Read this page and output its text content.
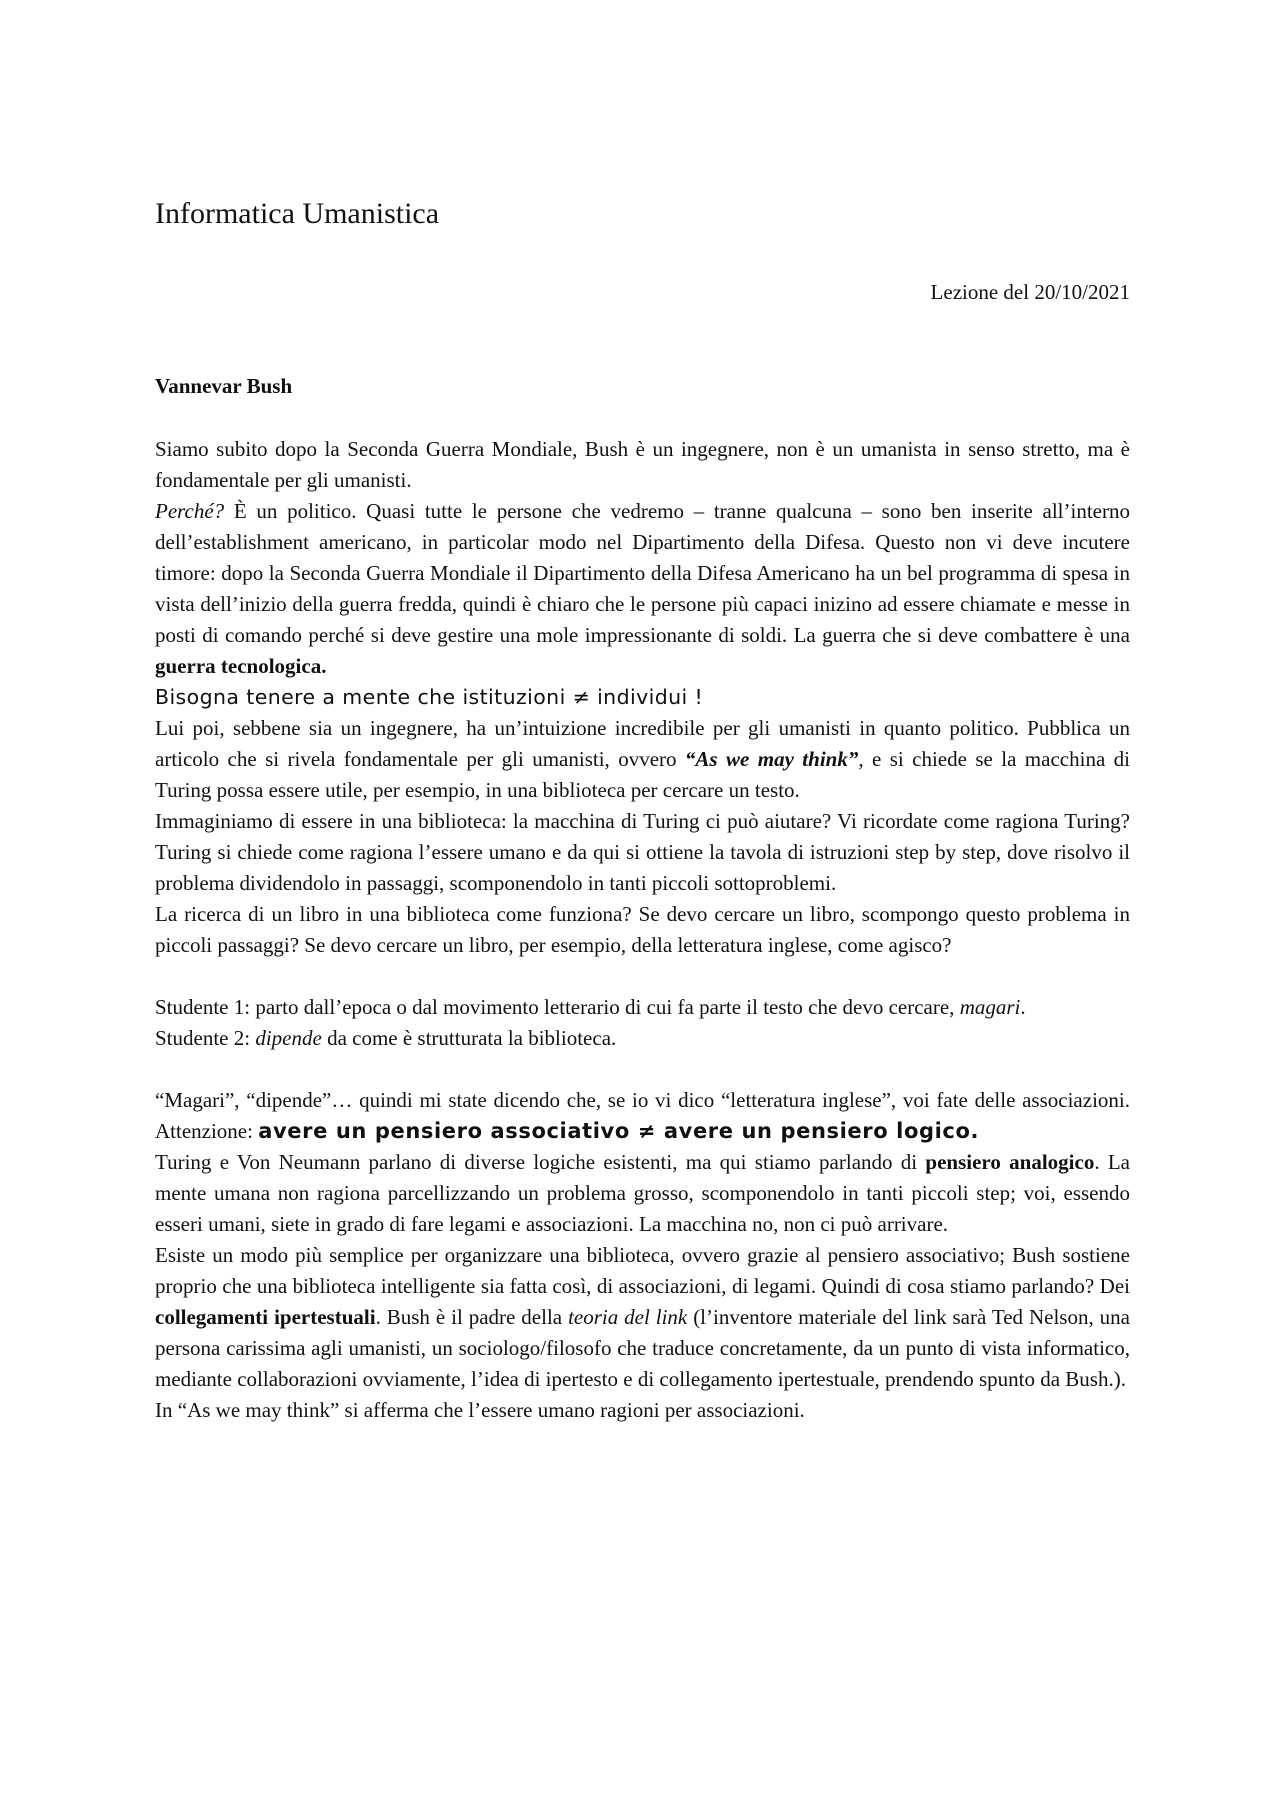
Informatica Umanistica
Lezione del 20/10/2021
Vannevar Bush

Siamo subito dopo la Seconda Guerra Mondiale, Bush è un ingegnere, non è un umanista in senso stretto, ma è fondamentale per gli umanisti.

Perché? È un politico. Quasi tutte le persone che vedremo – tranne qualcuna – sono ben inserite all’interno dell’establishment americano, in particolar modo nel Dipartimento della Difesa. Questo non vi deve incutere timore: dopo la Seconda Guerra Mondiale il Dipartimento della Difesa Americano ha un bel programma di spesa in vista dell’inizio della guerra fredda, quindi è chiaro che le persone più capaci inizino ad essere chiamate e messe in posti di comando perché si deve gestire una mole impressionante di soldi. La guerra che si deve combattere è una guerra tecnologica.

Bisogna tenere a mente che istituzioni ≠ individui !

Lui poi, sebbene sia un ingegnere, ha un’intuizione incredibile per gli umanisti in quanto politico. Pubblica un articolo che si rivela fondamentale per gli umanisti, ovvero “As we may think”, e si chiede se la macchina di Turing possa essere utile, per esempio, in una biblioteca per cercare un testo.

Immaginiamo di essere in una biblioteca: la macchina di Turing ci può aiutare? Vi ricordate come ragiona Turing? Turing si chiede come ragiona l’essere umano e da qui si ottiene la tavola di istruzioni step by step, dove risolvo il problema dividendolo in passaggi, scomponendolo in tanti piccoli sottoproblemi.

La ricerca di un libro in una biblioteca come funziona? Se devo cercare un libro, scompongo questo problema in piccoli passaggi? Se devo cercare un libro, per esempio, della letteratura inglese, come agisco?

Studente 1: parto dall’epoca o dal movimento letterario di cui fa parte il testo che devo cercare, magari.

Studente 2: dipende da come è strutturata la biblioteca.

“Magari”, “dipende”… quindi mi state dicendo che, se io vi dico “letteratura inglese”, voi fate delle associazioni. Attenzione: avere un pensiero associativo ≠ avere un pensiero logico.

Turing e Von Neumann parlano di diverse logiche esistenti, ma qui stiamo parlando di pensiero analogico. La mente umana non ragiona parcellizzando un problema grosso, scomponendolo in tanti piccoli step; voi, essendo esseri umani, siete in grado di fare legami e associazioni. La macchina no, non ci può arrivare.

Esiste un modo più semplice per organizzare una biblioteca, ovvero grazie al pensiero associativo; Bush sostiene proprio che una biblioteca intelligente sia fatta così, di associazioni, di legami. Quindi di cosa stiamo parlando? Dei collegamenti ipertestuali. Bush è il padre della teoria del link (l’inventore materiale del link sarà Ted Nelson, una persona carissima agli umanisti, un sociologo/filosofo che traduce concretamente, da un punto di vista informatico, mediante collaborazioni ovviamente, l’idea di ipertesto e di collegamento ipertestuale, prendendo spunto da Bush.).

In “As we may think” si afferma che l’essere umano ragioni per associazioni.
